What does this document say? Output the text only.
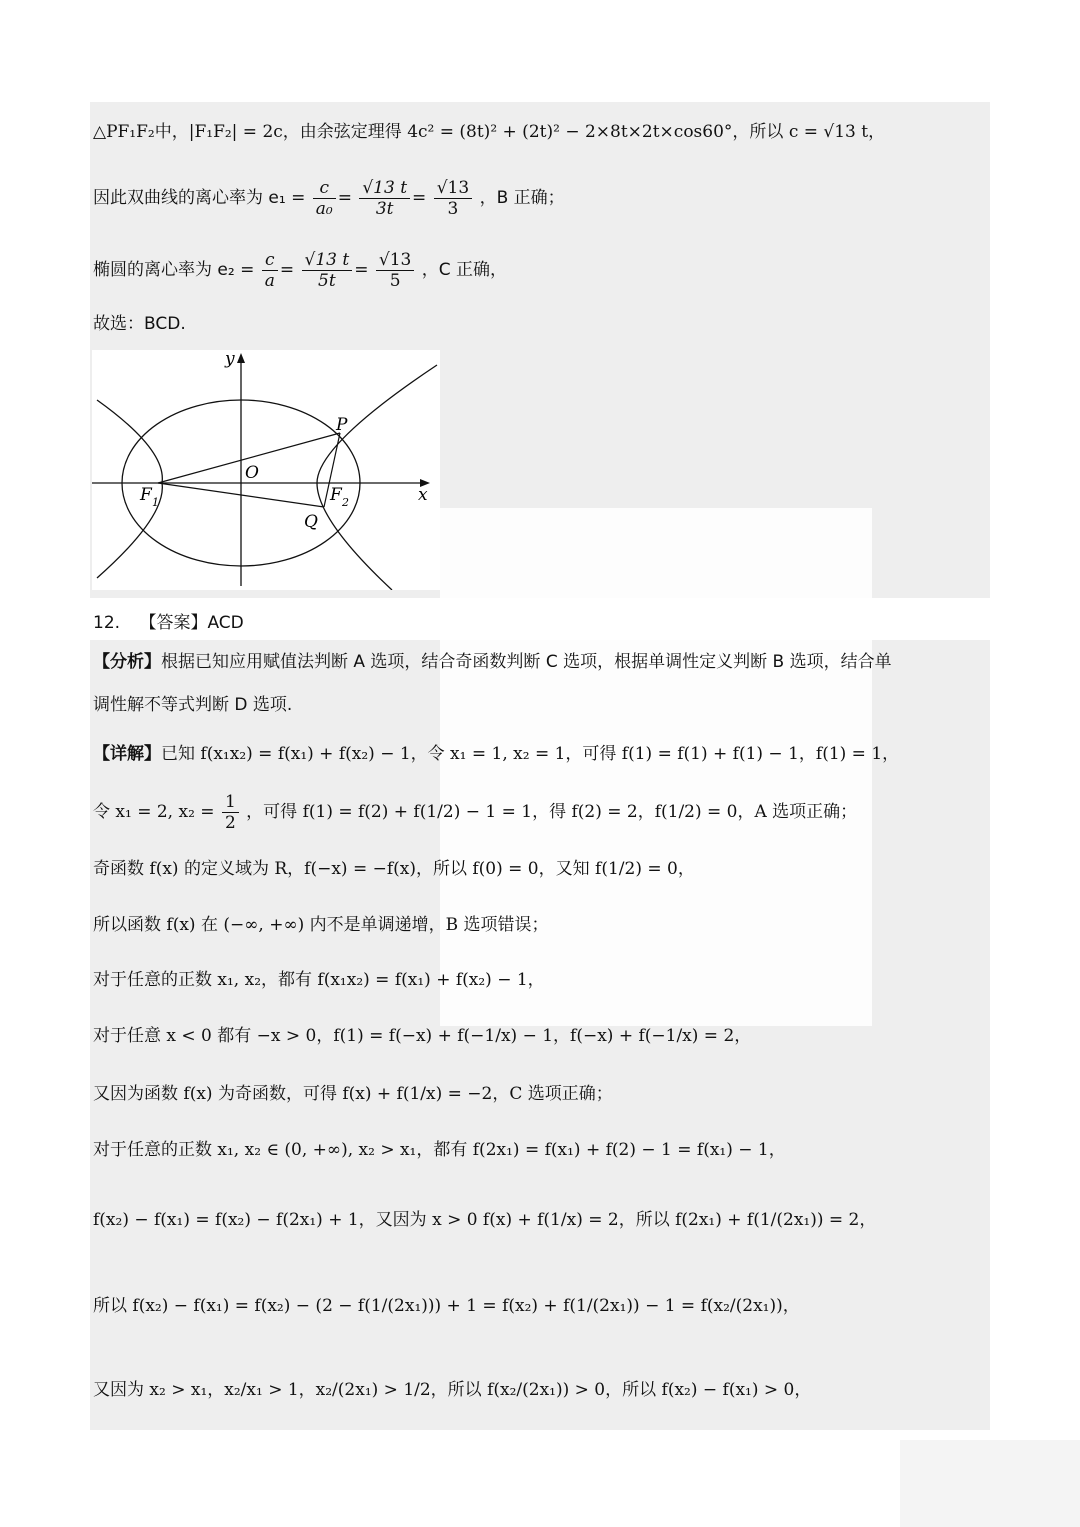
△PF₁F₂中，|F₁F₂| = 2c，由余弦定理得 4c² = (8t)² + (2t)² − 2×8t×2t×cos60°，所以 c = √13 t，
因此双曲线的离心率为 $e_1 = \frac{c}{\text{a₀}} = \frac{√13 t}{3t} = \frac{√13}{3}$ ，B 正确；
椭圆的离心率为 $e_2 = \frac{c}{a} = \frac{√13 t}{5t} = \frac{√13}{5}$ ，C 正确，
故选：BCD.
y
x
O
P
Q
F 1	F 2
12. 【答案】ACD
【分析】根据已知应用赋值法判断 A 选项，结合奇函数判断 C 选项，根据单调性定义判断 B 选项，结合单
调性解不等式判断 D 选项.
【详解】已知 f(x₁x₂) = f(x₁) + f(x₂) − 1，令 x₁ = 1, x₂ = 1，可得 f(1) = f(1) + f(1) − 1，f(1) = 1，
令 x₁ = 2, $x_2 = \frac{1}{2}$ ，可得 f(1) = f(2) + f(1/2) − 1 = 1，得 f(2) = 2，f(1/2) = 0，A 选项正确；
奇函数 f(x) 的定义域为 R，f(−x) = −f(x)，所以 f(0) = 0，又知 f(1/2) = 0，
所以函数 f(x) 在 (−∞, +∞) 内不是单调递增，B 选项错误；
对于任意的正数 x₁, x₂，都有 f(x₁x₂) = f(x₁) + f(x₂) − 1，
对于任意 x < 0 都有 −x > 0，f(1) = f(−x) + f(−1/x) − 1，f(−x) + f(−1/x) = 2，
又因为函数 f(x) 为奇函数，可得 f(x) + f(1/x) = −2，C 选项正确；
对于任意的正数 x₁, x₂ ∈ (0, +∞), x₂ > x₁，都有 f(2x₁) = f(x₁) + f(2) − 1 = f(x₁) − 1，
f(x₂) − f(x₁) = f(x₂) − f(2x₁) + 1，又因为 x > 0 f(x) + f(1/x) = 2，所以 f(2x₁) + f(1/(2x₁)) = 2，
所以 f(x₂) − f(x₁) = f(x₂) − (2 − f(1/(2x₁))) + 1 = f(x₂) + f(1/(2x₁)) − 1 = f(x₂/(2x₁))，
又因为 x₂ > x₁，x₂/x₁ > 1，x₂/(2x₁) > 1/2，所以 f(x₂/(2x₁)) > 0，所以 f(x₂) − f(x₁) > 0，
